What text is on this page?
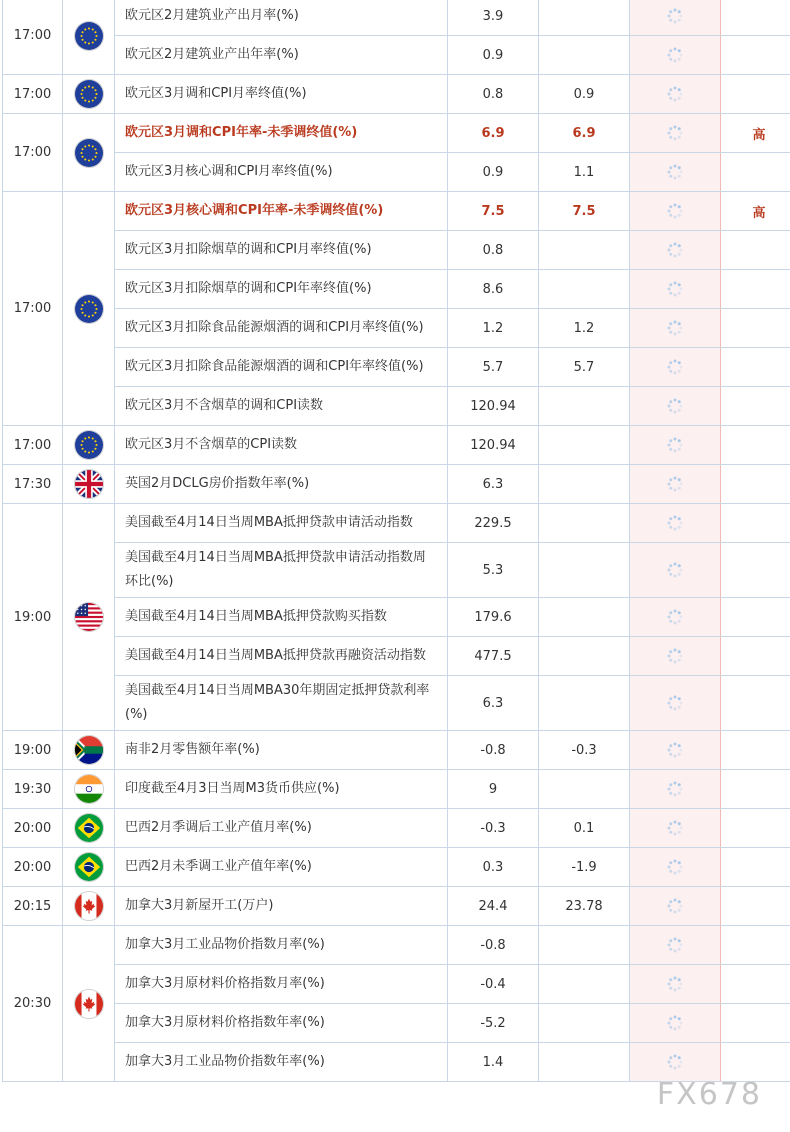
17:00		欧元区2月建筑业产出月率(%)	3.9				
		欧元区2月建筑业产出年率(%)	0.9				
17:00		欧元区3月调和CPI月率终值(%)	0.8	0.9			
17:00		欧元区3月调和CPI年率-未季调终值(%)	6.9	6.9		高	
		欧元区3月核心调和CPI月率终值(%)	0.9	1.1			
17:00		欧元区3月核心调和CPI年率-未季调终值(%)	7.5	7.5		高	
		欧元区3月扣除烟草的调和CPI月率终值(%)	0.8				
		欧元区3月扣除烟草的调和CPI年率终值(%)	8.6				
		欧元区3月扣除食品能源烟酒的调和CPI月率终值(%)	1.2	1.2			
		欧元区3月扣除食品能源烟酒的调和CPI年率终值(%)	5.7	5.7			
		欧元区3月不含烟草的调和CPI读数	120.94				
17:00		欧元区3月不含烟草的CPI读数	120.94				
17:30		英国2月DCLG房价指数年率(%)	6.3				
19:00		美国截至4月14日当周MBA抵押贷款申请活动指数	229.5				
		美国截至4月14日当周MBA抵押贷款申请活动指数周环比(%)	5.3				
		美国截至4月14日当周MBA抵押贷款购买指数	179.6				
		美国截至4月14日当周MBA抵押贷款再融资活动指数	477.5				
		美国截至4月14日当周MBA30年期固定抵押贷款利率(%)	6.3				
19:00		南非2月零售额年率(%)	-0.8	-0.3			
19:30		印度截至4月3日当周M3货币供应(%)	9				
20:00		巴西2月季调后工业产值月率(%)	-0.3	0.1			
20:00		巴西2月未季调工业产值年率(%)	0.3	-1.9			
20:15		加拿大3月新屋开工(万户)	24.4	23.78			
20:30		加拿大3月工业品物价指数月率(%)	-0.8				
		加拿大3月原材料价格指数月率(%)	-0.4				
		加拿大3月原材料价格指数年率(%)	-5.2				
		加拿大3月工业品物价指数年率(%)	1.4				
FX678
